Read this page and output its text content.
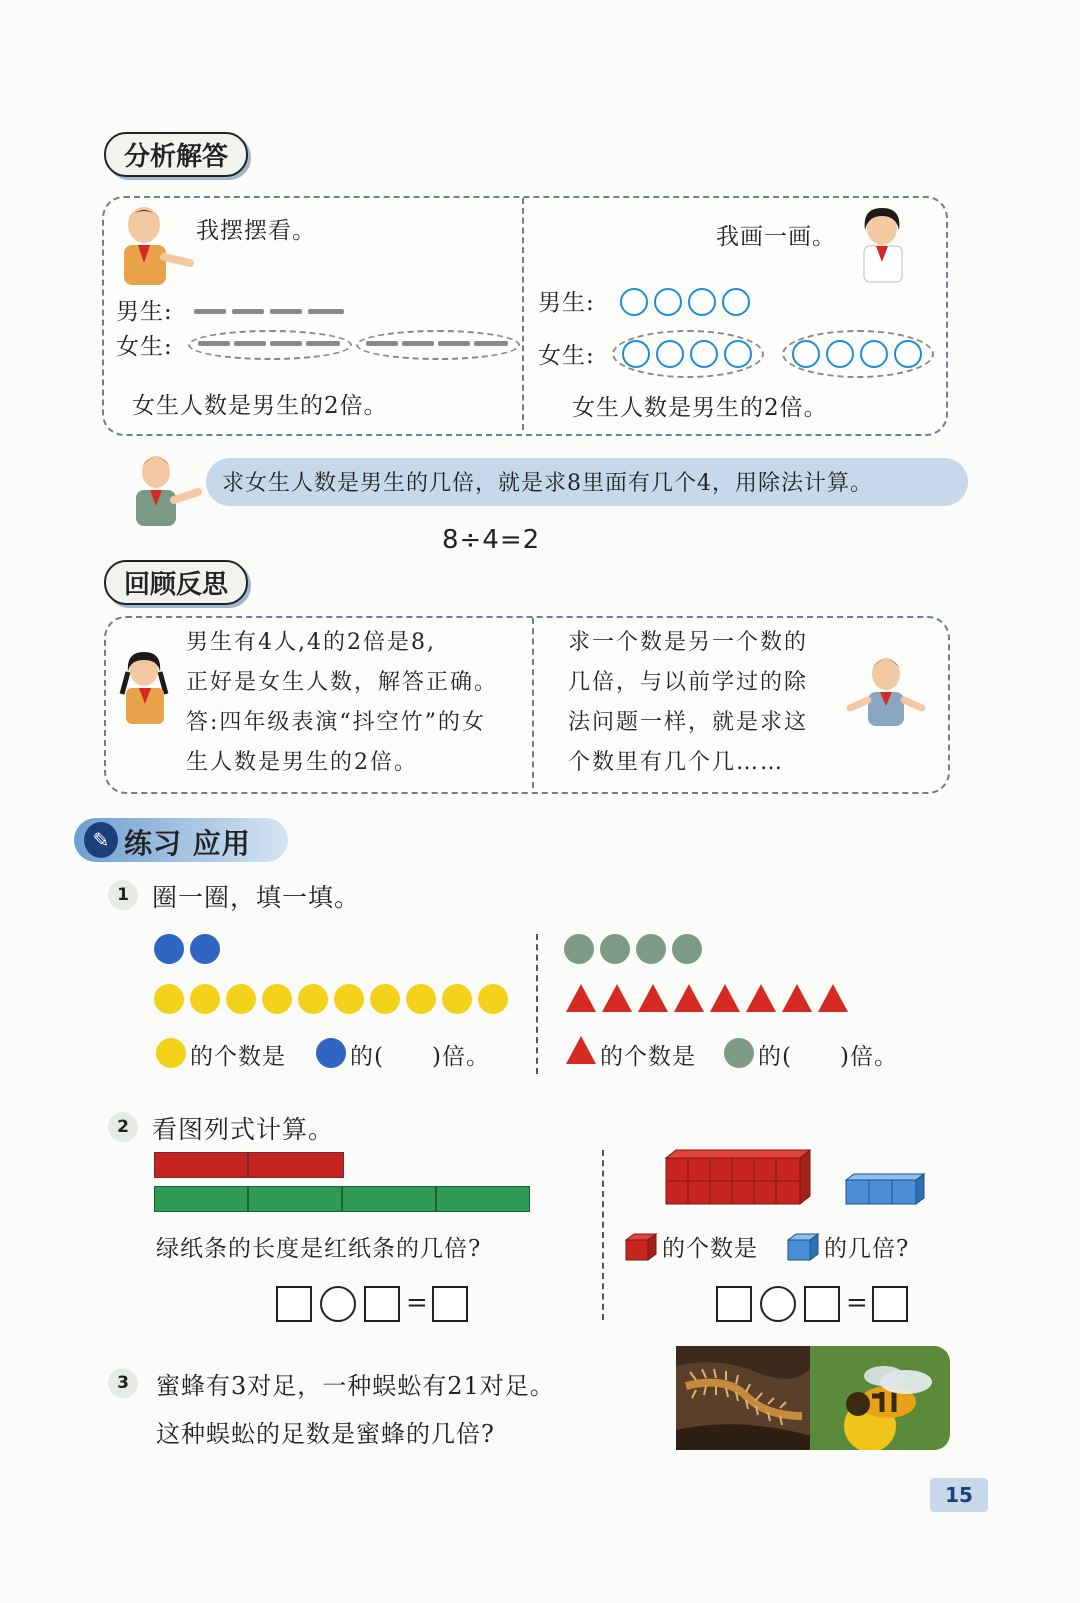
分析解答
我摆摆看。
男生:
女生:
女生人数是男生的2倍。
我画一画。
男生:
女生:
女生人数是男生的2倍。
求女生人数是男生的几倍，就是求8里面有几个4，用除法计算。
8÷4=2
回顾反思
男生有4人,4的2倍是8,
正好是女生人数，解答正确。
答:四年级表演“抖空竹”的女
生人数是男生的2倍。
求一个数是另一个数的
几倍，与以前学过的除
法问题一样，就是求这
个数里有几个几……
✎ 练习 应用
1 圈一圈，填一填。
的个数是	的(　　)倍。	的个数是	的(　　)倍。
2 看图列式计算。
绿纸条的长度是红纸条的几倍?
=
的个数是	的几倍?
=
3	蜜蜂有3对足，一种蜈蚣有21对足。
这种蜈蚣的足数是蜜蜂的几倍?
15
